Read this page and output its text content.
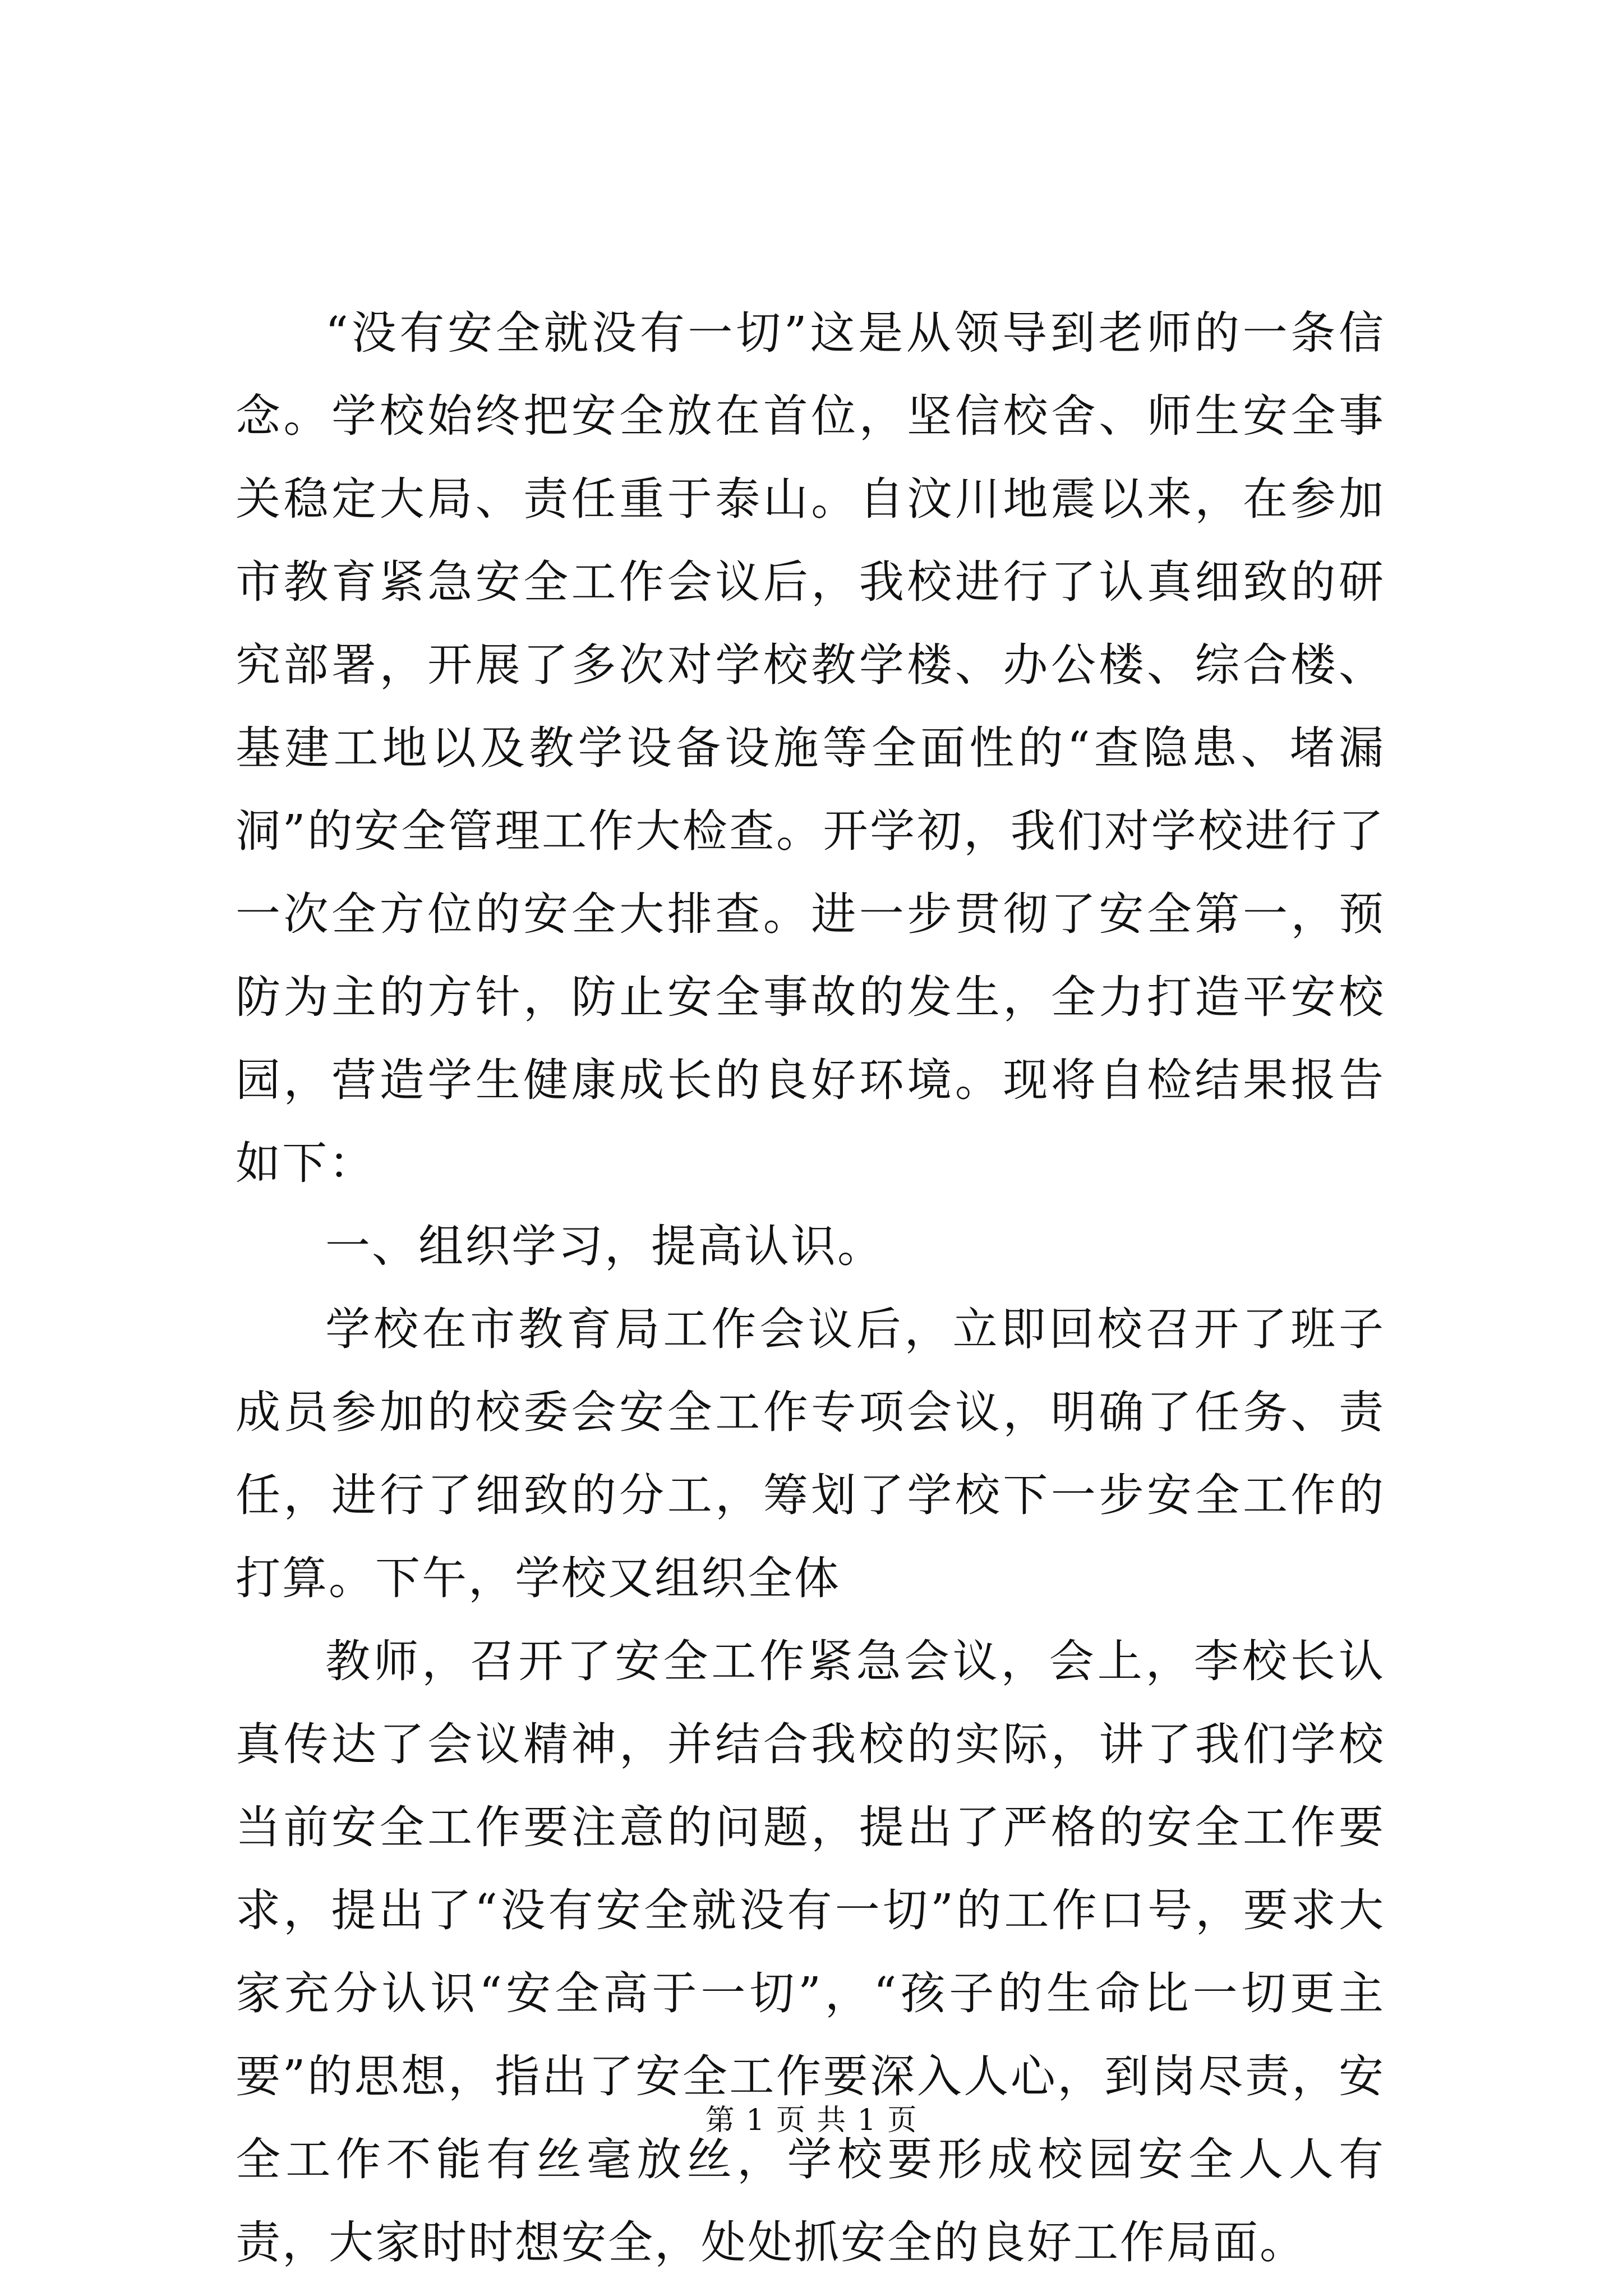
“没有安全就没有一切”这是从领导到老师的一条信念。学校始终把安全放在首位，坚信校舍、师生安全事关稳定大局、责任重于泰山。自汶川地震以来，在参加市教育紧急安全工作会议后，我校进行了认真细致的研究部署，开展了多次对学校教学楼、办公楼、综合楼、基建工地以及教学设备设施等全面性的“查隐患、堵漏洞”的安全管理工作大检查。开学初，我们对学校进行了一次全方位的安全大排查。进一步贯彻了安全第一，预防为主的方针，防止安全事故的发生，全力打造平安校园，营造学生健康成长的良好环境。现将自检结果报告如下：

一、组织学习，提高认识。

学校在市教育局工作会议后，立即回校召开了班子成员参加的校委会安全工作专项会议，明确了任务、责任，进行了细致的分工，筹划了学校下一步安全工作的打算。下午，学校又组织全体

教师，召开了安全工作紧急会议，会上，李校长认真传达了会议精神，并结合我校的实际，讲了我们学校当前安全工作要注意的问题，提出了严格的安全工作要求，提出了“没有安全就没有一切”的工作口号，要求大家充分认识“安全高于一切”，“孩子的生命比一切更主要”的思想，指出了安全工作要深入人心，到岗尽责，安全工作不能有丝毫放丝，学校要形成校园安全人人有责，大家时时想安全，处处抓安全的良好工作局面。

第 1 页 共 1 页
